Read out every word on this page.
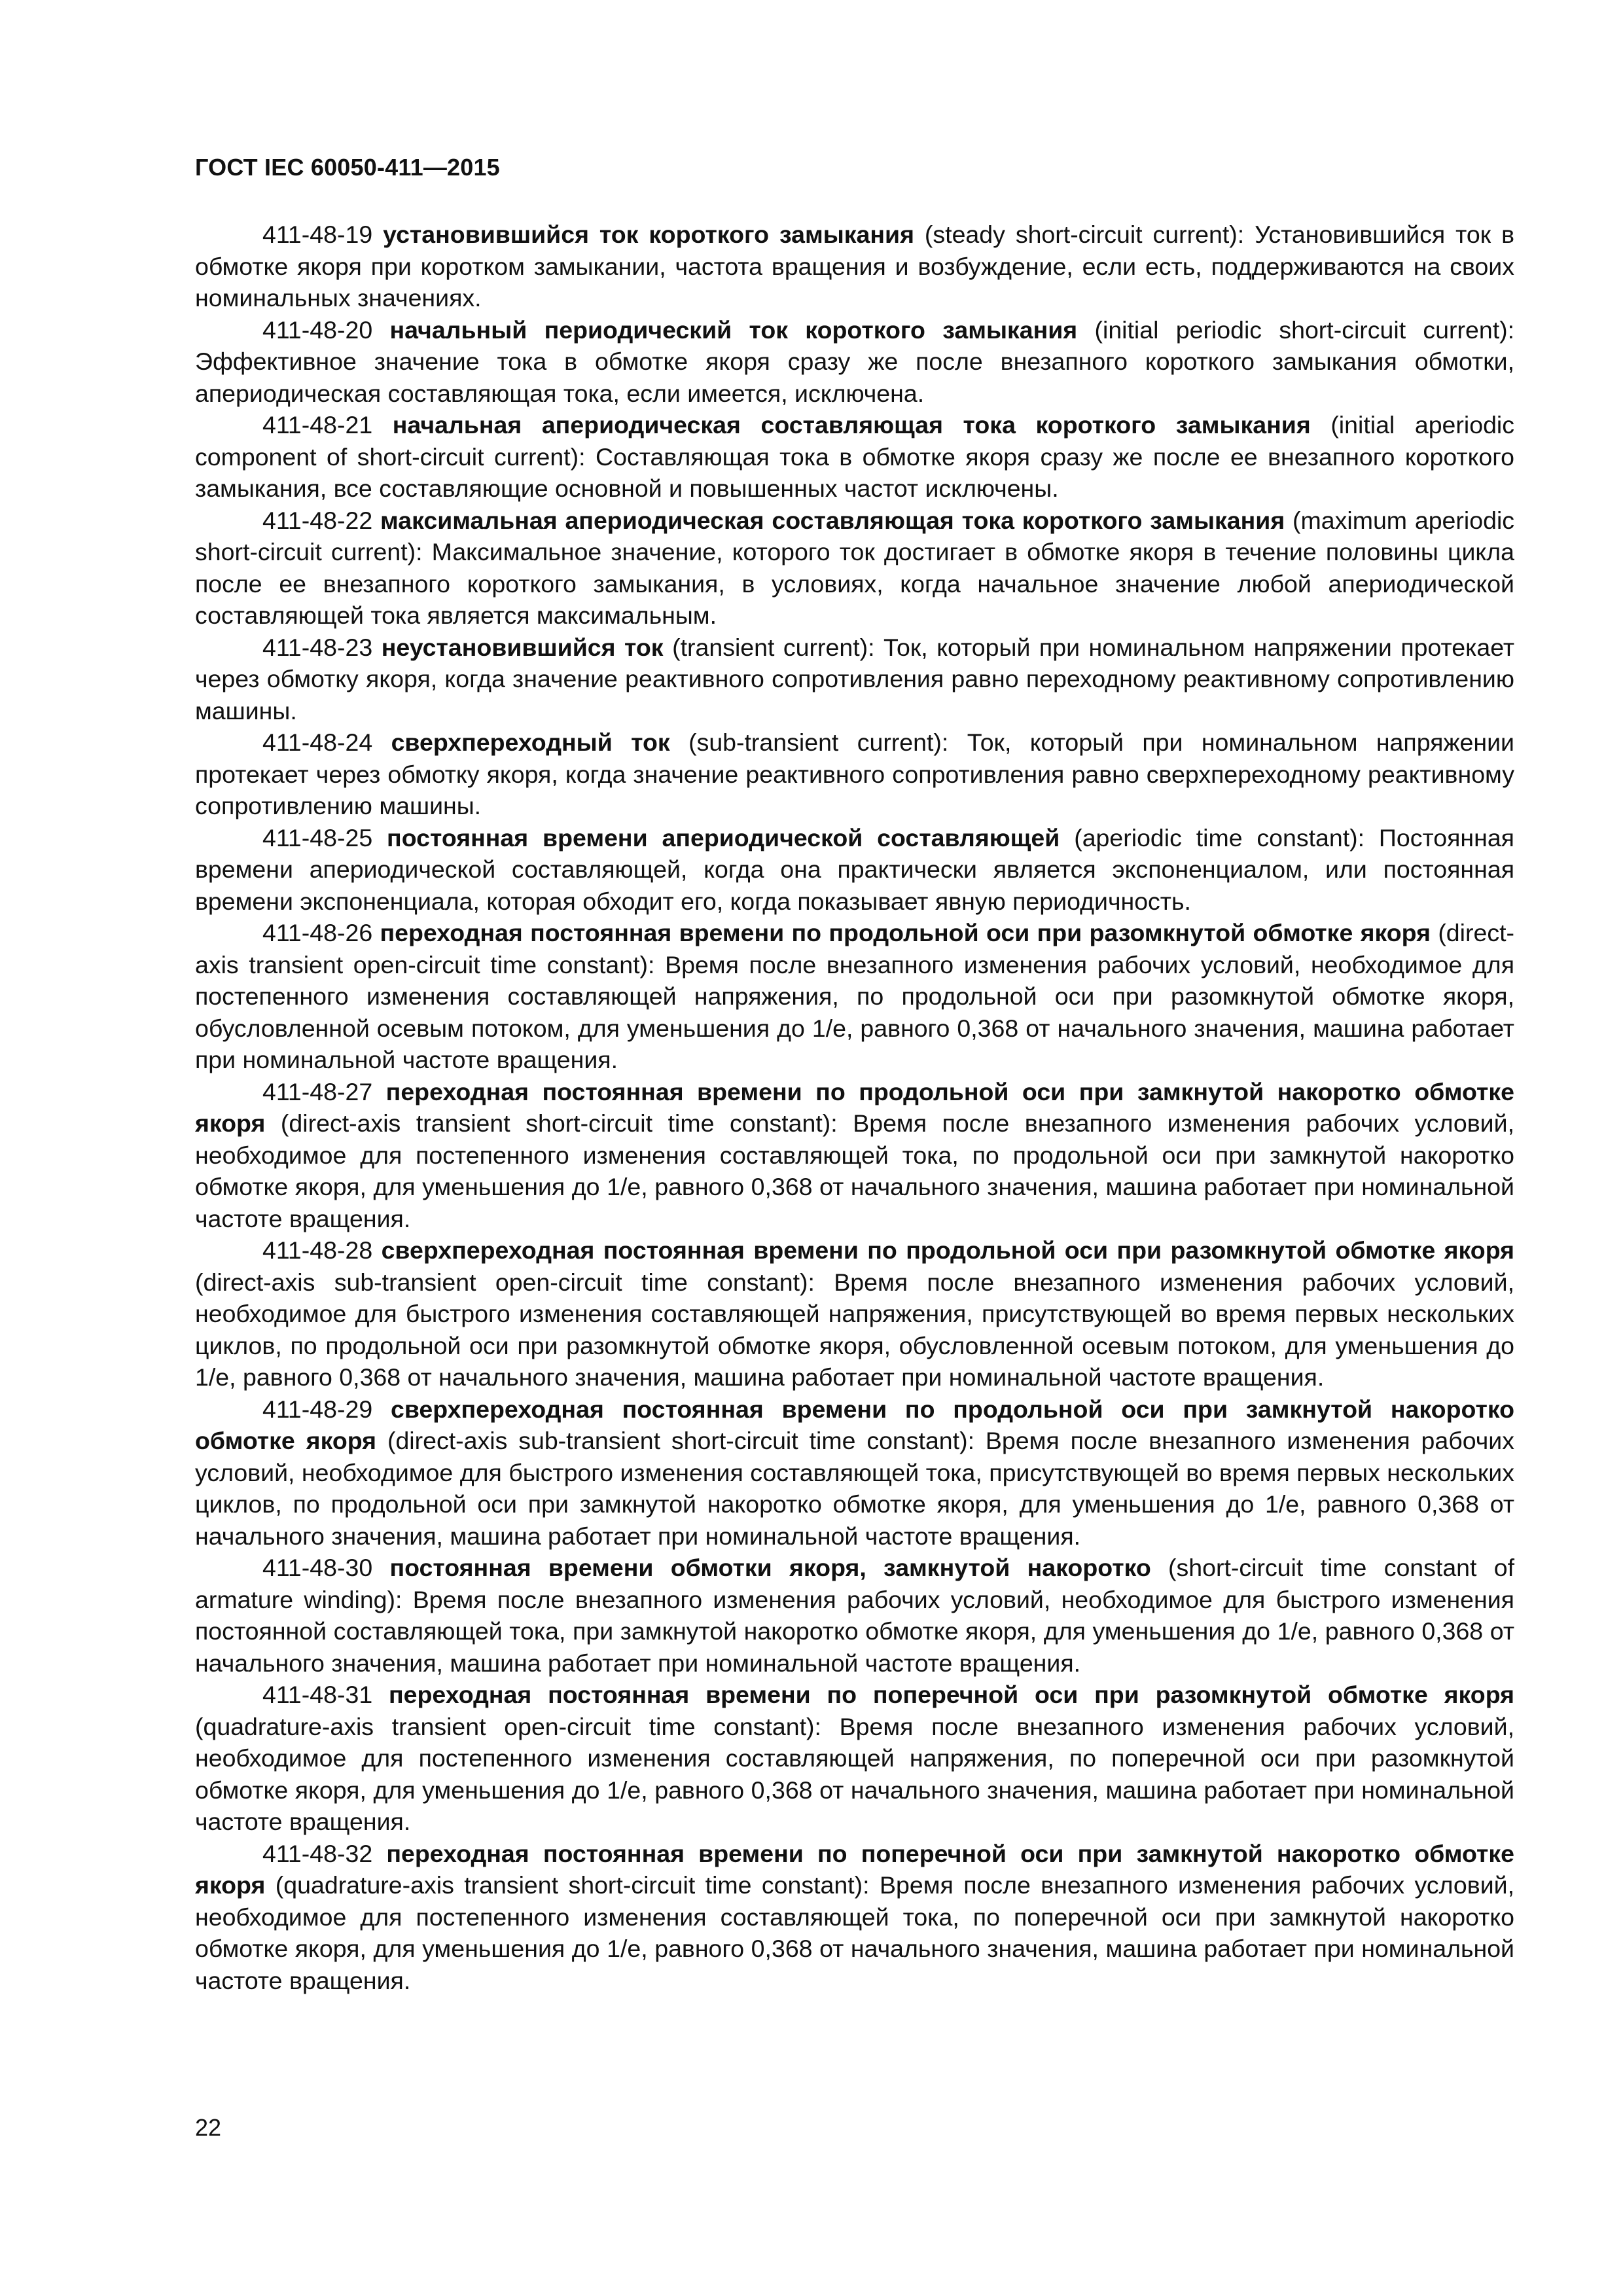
ГОСТ IEC 60050-411—2015

411-48-19 установившийся ток короткого замыкания (steady short-circuit current): Установившийся ток в обмотке якоря при коротком замыкании, частота вращения и возбуждение, если есть, поддерживаются на своих номинальных значениях.

411-48-20 начальный периодический ток короткого замыкания (initial periodic short-circuit current): Эффективное значение тока в обмотке якоря сразу же после внезапного короткого замыкания обмотки, апериодическая составляющая тока, если имеется, исключена.

411-48-21 начальная апериодическая составляющая тока короткого замыкания (initial aperiodic component of short-circuit current): Составляющая тока в обмотке якоря сразу же после ее внезапного короткого замыкания, все составляющие основной и повышенных частот исключены.

411-48-22 максимальная апериодическая составляющая тока короткого замыкания (maximum aperiodic short-circuit current): Максимальное значение, которого ток достигает в обмотке якоря в течение половины цикла после ее внезапного короткого замыкания, в условиях, когда начальное значение любой апериодической составляющей тока является максимальным.

411-48-23 неустановившийся ток (transient current): Ток, который при номинальном напряжении протекает через обмотку якоря, когда значение реактивного сопротивления равно переходному реактивному сопротивлению машины.

411-48-24 сверхпереходный ток (sub-transient current): Ток, который при номинальном напряжении протекает через обмотку якоря, когда значение реактивного сопротивления равно сверхпереходному реактивному сопротивлению машины.

411-48-25 постоянная времени апериодической составляющей (aperiodic time constant): Постоянная времени апериодической составляющей, когда она практически является экспоненциалом, или постоянная времени экспоненциала, которая обходит его, когда показывает явную периодичность.

411-48-26 переходная постоянная времени по продольной оси при разомкнутой обмотке якоря (direct-axis transient open-circuit time constant): Время после внезапного изменения рабочих условий, необходимое для постепенного изменения составляющей напряжения, по продольной оси при разомкнутой обмотке якоря, обусловленной осевым потоком, для уменьшения до 1/е, равного 0,368 от начального значения, машина работает при номинальной частоте вращения.

411-48-27 переходная постоянная времени по продольной оси при замкнутой накоротко обмотке якоря (direct-axis transient short-circuit time constant): Время после внезапного изменения рабочих условий, необходимое для постепенного изменения составляющей тока, по продольной оси при замкнутой накоротко обмотке якоря, для уменьшения до 1/е, равного 0,368 от начального значения, машина работает при номинальной частоте вращения.

411-48-28 сверхпереходная постоянная времени по продольной оси при разомкнутой обмотке якоря (direct-axis sub-transient open-circuit time constant): Время после внезапного изменения рабочих условий, необходимое для быстрого изменения составляющей напряжения, присутствующей во время первых нескольких циклов, по продольной оси при разомкнутой обмотке якоря, обусловленной осевым потоком, для уменьшения до 1/е, равного 0,368 от начального значения, машина работает при номинальной частоте вращения.

411-48-29 сверхпереходная постоянная времени по продольной оси при замкнутой накоротко обмотке якоря (direct-axis sub-transient short-circuit time constant): Время после внезапного изменения рабочих условий, необходимое для быстрого изменения составляющей тока, присутствующей во время первых нескольких циклов, по продольной оси при замкнутой накоротко обмотке якоря, для уменьшения до 1/е, равного 0,368 от начального значения, машина работает при номинальной частоте вращения.

411-48-30 постоянная времени обмотки якоря, замкнутой накоротко (short-circuit time constant of armature winding): Время после внезапного изменения рабочих условий, необходимое для быстрого изменения постоянной составляющей тока, при замкнутой накоротко обмотке якоря, для уменьшения до 1/е, равного 0,368 от начального значения, машина работает при номинальной частоте вращения.

411-48-31 переходная постоянная времени по поперечной оси при разомкнутой обмотке якоря (quadrature-axis transient open-circuit time constant): Время после внезапного изменения рабочих условий, необходимое для постепенного изменения составляющей напряжения, по поперечной оси при разомкнутой обмотке якоря, для уменьшения до 1/е, равного 0,368 от начального значения, машина работает при номинальной частоте вращения.

411-48-32 переходная постоянная времени по поперечной оси при замкнутой накоротко обмотке якоря (quadrature-axis transient short-circuit time constant): Время после внезапного изменения рабочих условий, необходимое для постепенного изменения составляющей тока, по поперечной оси при замкнутой накоротко обмотке якоря, для уменьшения до 1/е, равного 0,368 от начального значения, машина работает при номинальной частоте вращения.

22
